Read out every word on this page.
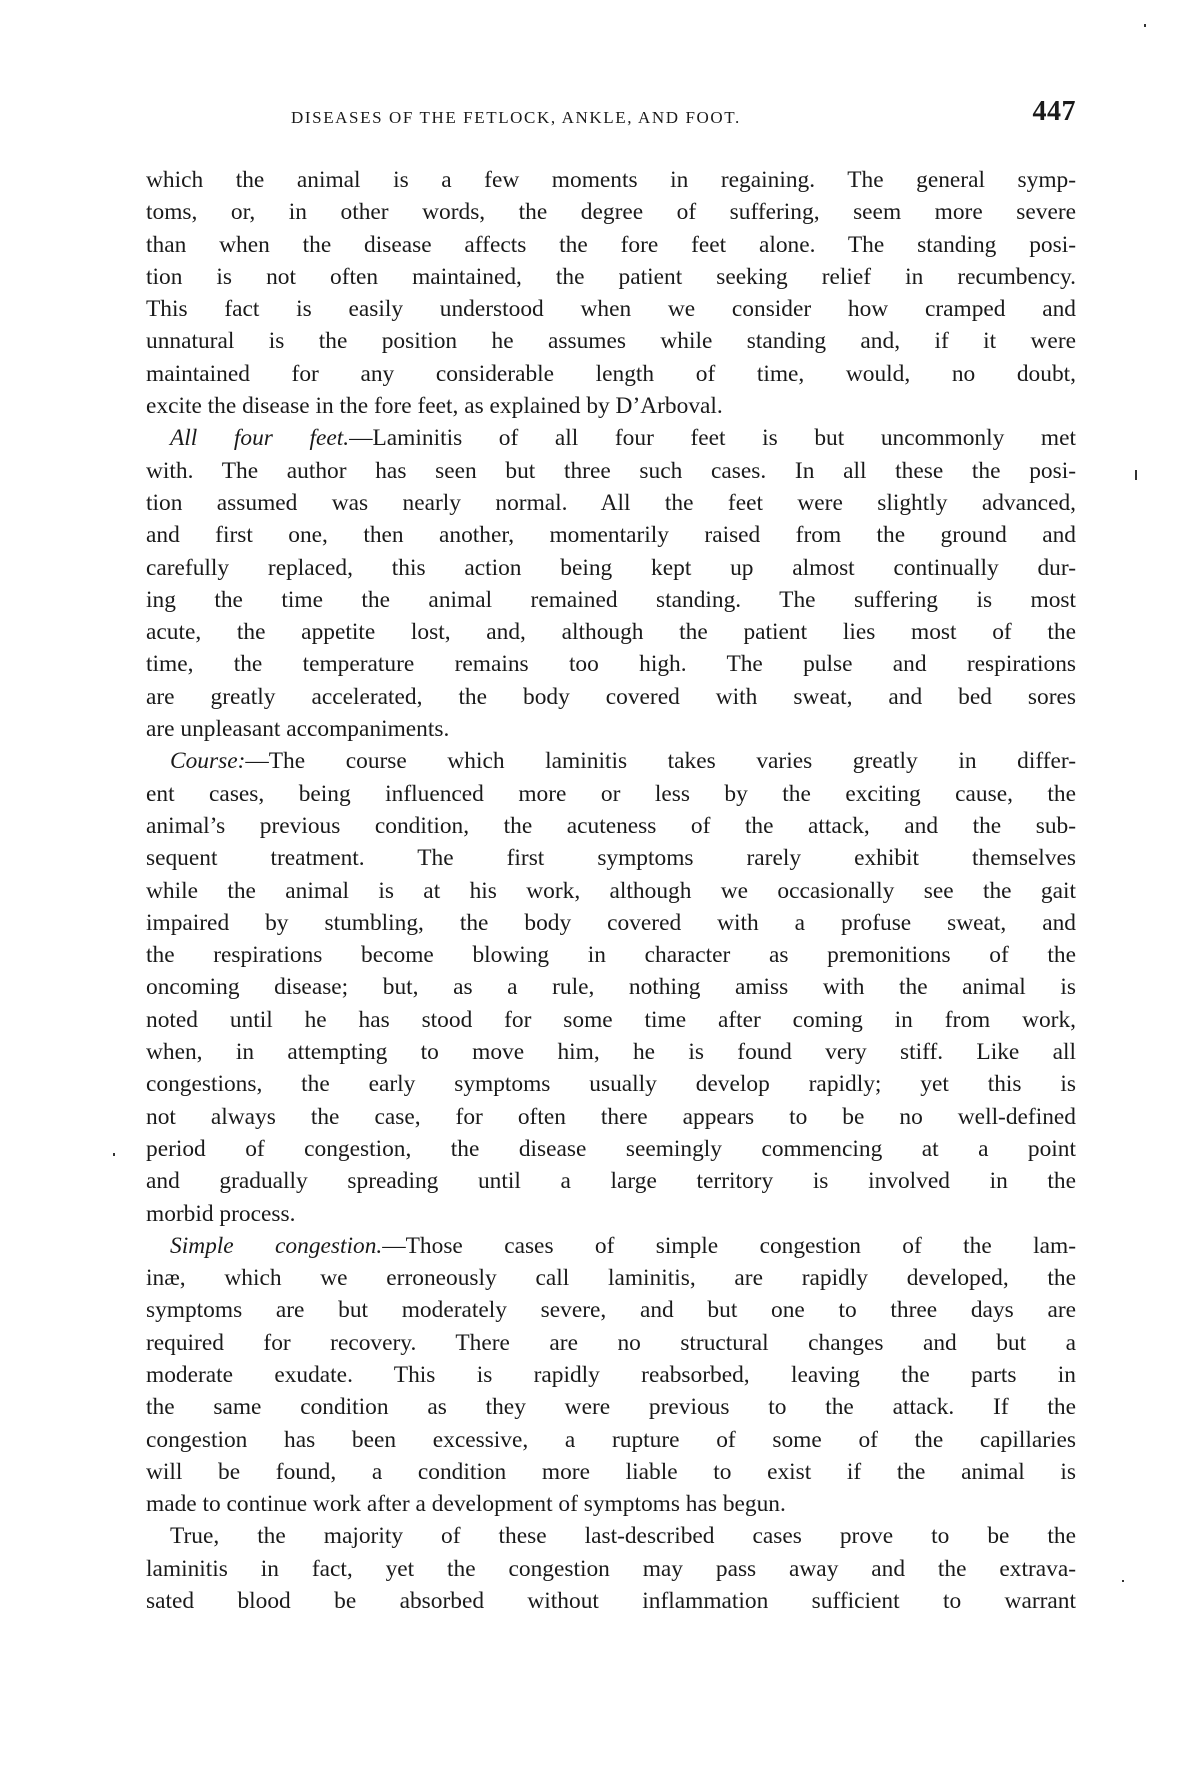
DISEASES OF THE FETLOCK, ANKLE, AND FOOT.	447
which the animal is a few moments in regaining. The general symp-
toms, or, in other words, the degree of suffering, seem more severe
than when the disease affects the fore feet alone. The standing posi-
tion is not often maintained, the patient seeking relief in recumbency.
This fact is easily understood when we consider how cramped and
unnatural is the position he assumes while standing and, if it were
maintained for any considerable length of time, would, no doubt,
excite the disease in the fore feet, as explained by D’Arboval.
All four feet.—Laminitis of all four feet is but uncommonly met
with. The author has seen but three such cases. In all these the posi-
tion assumed was nearly normal. All the feet were slightly advanced,
and first one, then another, momentarily raised from the ground and
carefully replaced, this action being kept up almost continually dur-
ing the time the animal remained standing. The suffering is most
acute, the appetite lost, and, although the patient lies most of the
time, the temperature remains too high. The pulse and respirations
are greatly accelerated, the body covered with sweat, and bed sores
are unpleasant accompaniments.
Course:—The course which laminitis takes varies greatly in differ-
ent cases, being influenced more or less by the exciting cause, the
animal’s previous condition, the acuteness of the attack, and the sub-
sequent treatment. The first symptoms rarely exhibit themselves
while the animal is at his work, although we occasionally see the gait
impaired by stumbling, the body covered with a profuse sweat, and
the respirations become blowing in character as premonitions of the
oncoming disease; but, as a rule, nothing amiss with the animal is
noted until he has stood for some time after coming in from work,
when, in attempting to move him, he is found very stiff. Like all
congestions, the early symptoms usually develop rapidly; yet this is
not always the case, for often there appears to be no well-defined
period of congestion, the disease seemingly commencing at a point
and gradually spreading until a large territory is involved in the
morbid process.
Simple congestion.—Those cases of simple congestion of the lam-
inæ, which we erroneously call laminitis, are rapidly developed, the
symptoms are but moderately severe, and but one to three days are
required for recovery. There are no structural changes and but a
moderate exudate. This is rapidly reabsorbed, leaving the parts in
the same condition as they were previous to the attack. If the
congestion has been excessive, a rupture of some of the capillaries
will be found, a condition more liable to exist if the animal is
made to continue work after a development of symptoms has begun.
True, the majority of these last-described cases prove to be the
laminitis in fact, yet the congestion may pass away and the extrava-
sated blood be absorbed without inflammation sufficient to warrant
